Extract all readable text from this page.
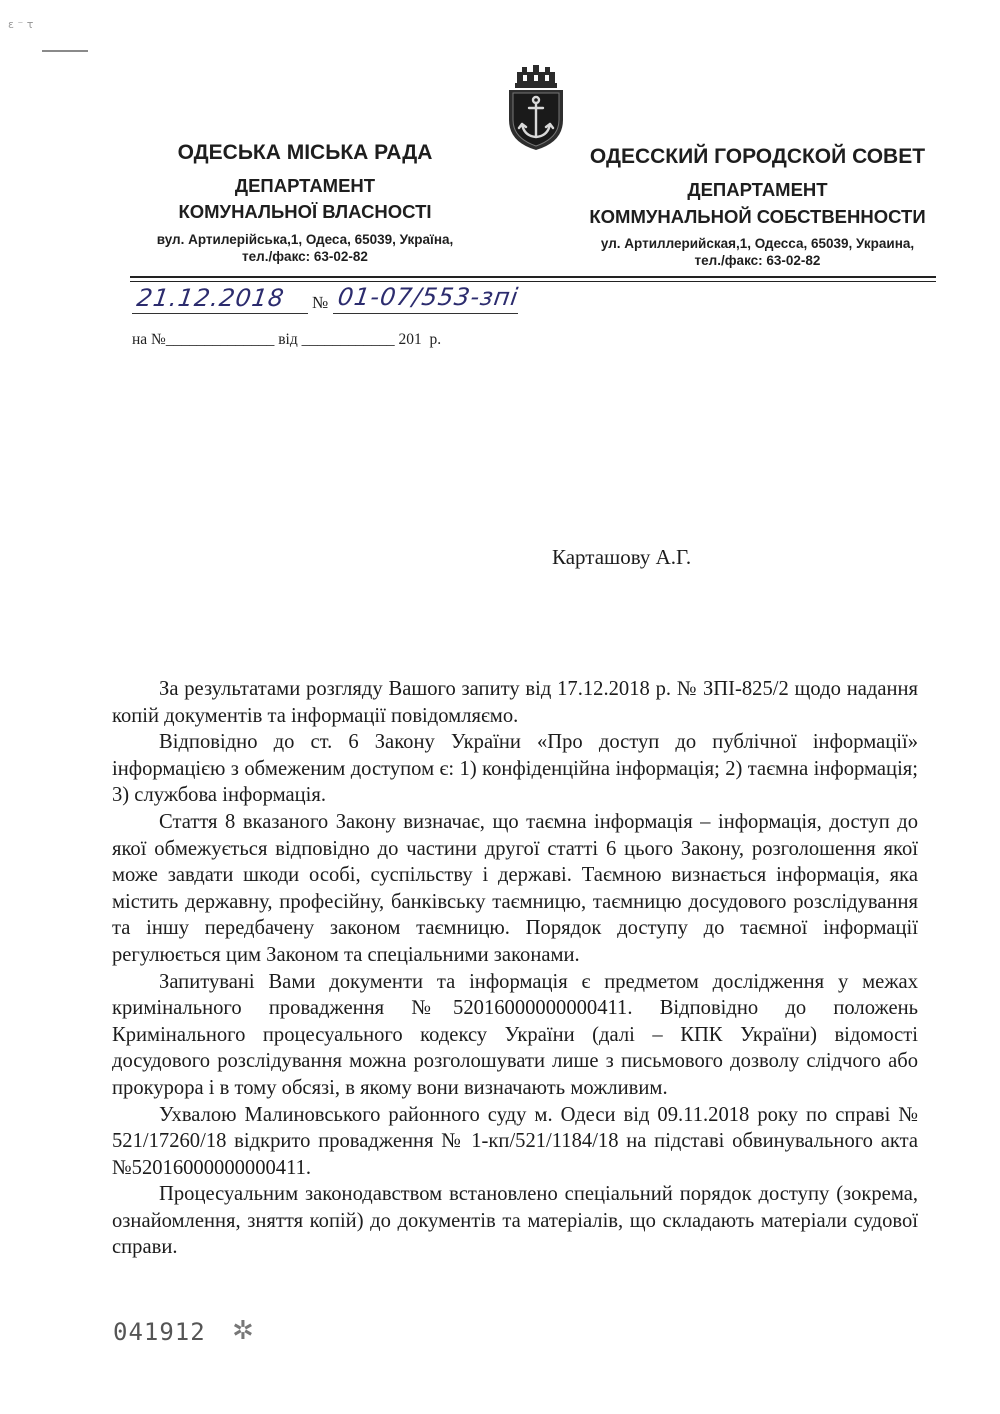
ε ⁻ τ
ОДЕСЬКА МІСЬКА РАДА
ДЕПАРТАМЕНТ
КОМУНАЛЬНОЇ ВЛАСНОСТІ
вул. Артилерійська,1, Одеса, 65039, Україна,
тел./факс: 63-02-82
ОДЕССКИЙ ГОРОДСКОЙ СОВЕТ
ДЕПАРТАМЕНТ
КОММУНАЛЬНОЙ СОБСТВЕННОСТИ
ул. Артиллерийская,1, Одесса, 65039, Украина,
тел./факс: 63-02-82
21.12.2018 № 01-07/553-зпі
на №______________ від ____________ 201  р.
Карташову А.Г.

За результатами розгляду Вашого запиту від 17.12.2018 р. № ЗПІ-825/2 щодо надання копій документів та інформації повідомляємо.

Відповідно до ст. 6 Закону України «Про доступ до публічної інформації» інформацією з обмеженим доступом є: 1) конфіденційна інформація; 2) таємна інформація; 3) службова інформація.

Стаття 8 вказаного Закону визначає, що таємна інформація – інформація, доступ до якої обмежується відповідно до частини другої статті 6 цього Закону, розголошення якої може завдати шкоди особі, суспільству і державі. Таємною визнається інформація, яка містить державну, професійну, банківську таємницю, таємницю досудового розслідування та іншу передбачену законом таємницю. Порядок доступу до таємної інформації регулюється цим Законом та спеціальними законами.

Запитувані Вами документи та інформація є предметом дослідження у межах кримінального провадження №52016000000000411. Відповідно до положень Кримінального процесуального кодексу України (далі – КПК України) відомості досудового розслідування можна розголошувати лише з письмового дозволу слідчого або прокурора і в тому обсязі, в якому вони визначають можливим.

Ухвалою Малиновського районного суду м. Одеси від 09.11.2018 року по справі № 521/17260/18 відкрито провадження № 1-кп/521/1184/18 на підставі обвинувального акта №52016000000000411.

Процесуальним законодавством встановлено спеціальний порядок доступу (зокрема, ознайомлення, зняття копій) до документів та матеріалів, що складають матеріали судової справи.

041912 ✲
